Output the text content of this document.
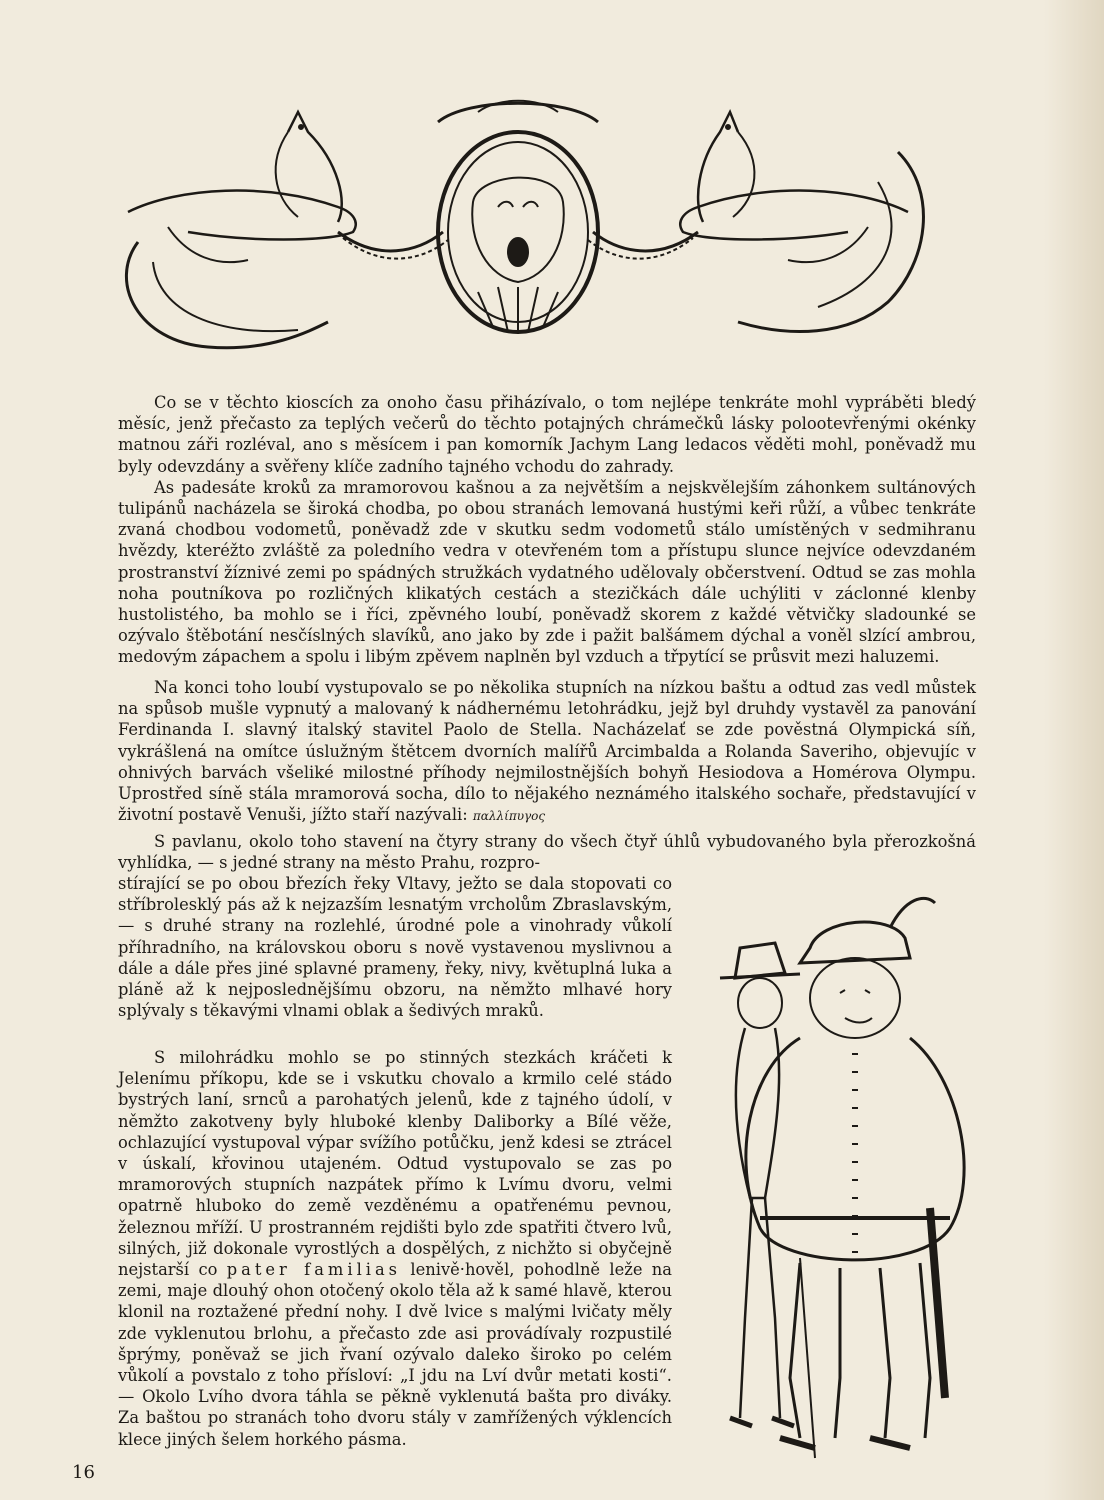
Co se v těchto kioscích za onoho času přiházívalo, o tom nejlépe tenkráte mohl vypráběti bledý měsíc, jenž přečasto za teplých večerů do těchto potajných chrámečků lásky polootevřenými okénky matnou záři rozléval, ano s měsícem i pan komorník Jachym Lang ledacos věděti mohl, poněvadž mu byly odevzdány a svěřeny klíče zadního tajného vchodu do zahrady.

As padesáte kroků za mramorovou kašnou a za největším a nejskvělejším záhonkem sultánových tulipánů nacházela se široká chodba, po obou stranách lemovaná hustými keři růží, a vůbec tenkráte zvaná chodbou vodometů, poněvadž zde v skutku sedm vodometů stálo umístěných v sedmihranu hvězdy, kteréžto zvláště za poledního vedra v otevřeném tom a přístupu slunce nejvíce odevzdaném prostranství žíznivé zemi po spádných stružkách vydatného udělovaly občerstvení. Odtud se zas mohla noha poutníkova po rozličných klikatých cestách a stezičkách dále uchýliti v záclonné klenby hustolistého, ba mohlo se i říci, zpěvného loubí, poněvadž skorem z každé větvičky sladounké se ozývalo štěbotání nesčíslných slavíků, ano jako by zde i pažit balšámem dýchal a voněl slzící ambrou, medovým zápachem a spolu i libým zpěvem naplněn byl vzduch a třpytící se průsvit mezi haluzemi.

Na konci toho loubí vystupovalo se po několika stupních na nízkou baštu a odtud zas vedl můstek na spůsob mušle vypnutý a malovaný k nádhernému letohrádku, jejž byl druhdy vystavěl za panování Ferdinanda I. slavný italský stavitel Paolo de Stella. Nacházelať se zde pověstná Olympická síň, vykrášlená na omítce úslužným štětcem dvorních malířů Arcimbalda a Rolanda Saveriho, objevujíc v ohnivých barvách všeliké milostné příhody nejmilostnějších bohyň Hesiodova a Homérova Olympu. Uprostřed síně stála mramorová socha, dílo to nějakého neznámého italského sochaře, představující v životní postavě Venuši, jížto staří nazývali: παλλίπυγος

S pavlanu, okolo toho stavení na čtyry strany do všech čtyř úhlů vybudovaného byla přerozkošná vyhlídka, — s jedné strany na město Prahu, rozpro-

stírající se po obou březích řeky Vltavy, ježto se dala stopovati co stříbrolesklý pás až k nejzazším lesnatým vrcholům Zbraslavským, — s druhé strany na rozlehlé, úrodné pole a vinohrady vůkolí příhradního, na královskou oboru s nově vystavenou myslivnou a dále a dále přes jiné splavné prameny, řeky, nivy, květuplná luka a pláně až k nejposlednějšímu obzoru, na němžto mlhavé hory splývaly s těkavými vlnami oblak a šedivých mraků.

S milohrádku mohlo se po stinných stezkách kráčeti k Jelenímu příkopu, kde se i vskutku chovalo a krmilo celé stádo bystrých laní, srnců a parohatých jelenů, kde z tajného údolí, v němžto zakotveny byly hluboké klenby Daliborky a Bílé věže, ochlazující vystupoval výpar svížího potůčku, jenž kdesi se ztrácel v úskalí, křovinou utajeném. Odtud vystupovalo se zas po mramorových stupních nazpátek přímo k Lvímu dvoru, velmi opatrně hluboko do země vezděnému a opatřenému pevnou, železnou mříží. U prostranném rejdišti bylo zde spatřiti čtvero lvů, silných, již dokonale vyrostlých a dospělých, z nichžto si obyčejně nejstarší co pater familias lenivě·hověl, pohodlně leže na zemi, maje dlouhý ohon otočený okolo těla až k samé hlavě, kterou klonil na roztažené přední nohy. I dvě lvice s malými lvičaty měly zde vyklenutou brlohu, a přečasto zde asi provádívaly rozpustilé šprýmy, poněvaž se jich řvaní ozývalo daleko široko po celém vůkolí a povstalo z toho přísloví: „I jdu na Lví dvůr metati kosti“. — Okolo Lvího dvora táhla se pěkně vyklenutá bašta pro diváky. Za baštou po stranách toho dvoru stály v zamřížených výklencích klece jiných šelem horkého pásma.

16
